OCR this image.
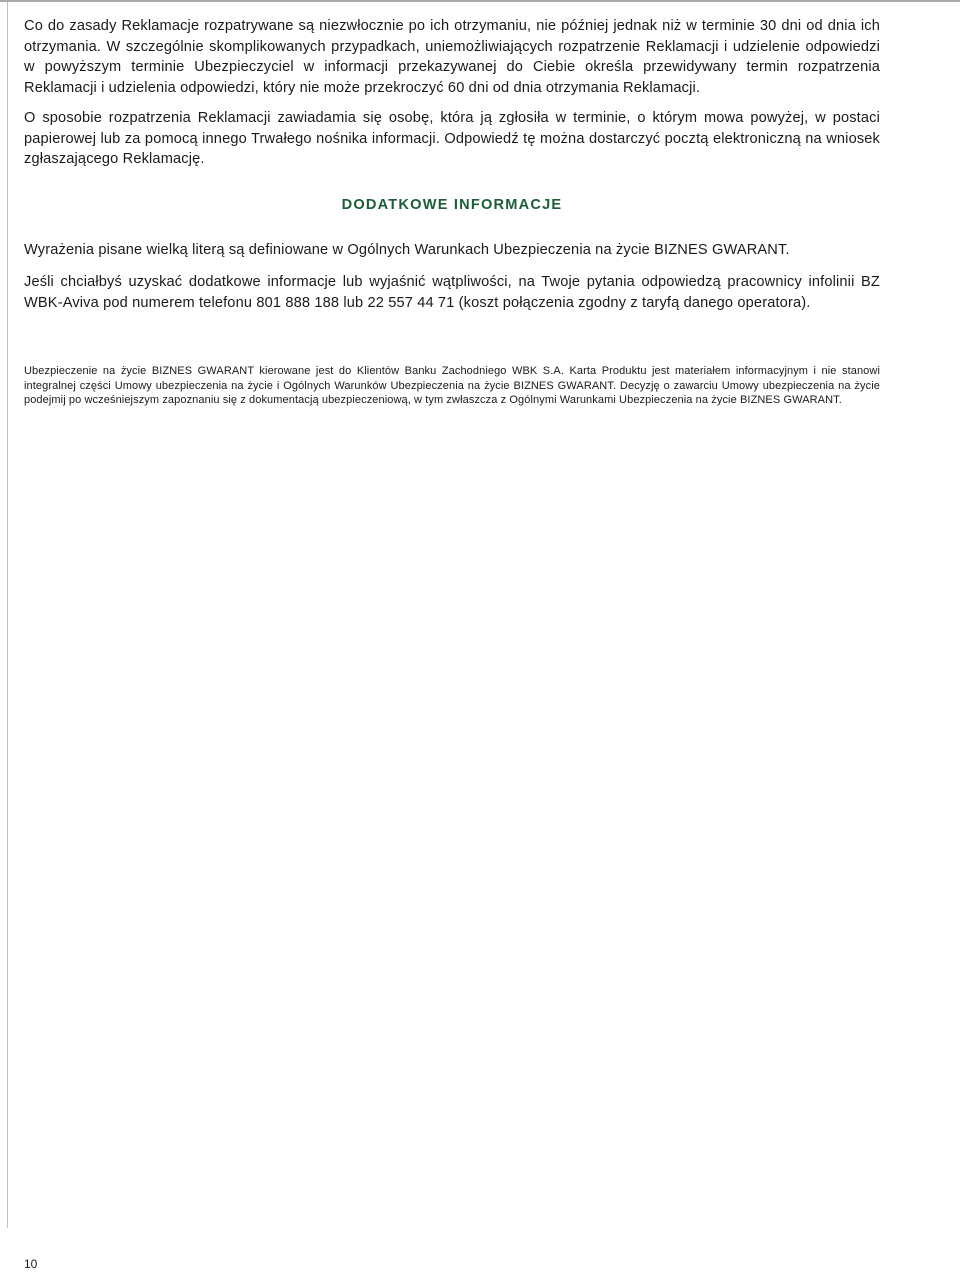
Co do zasady Reklamacje rozpatrywane są niezwłocznie po ich otrzymaniu, nie później jednak niż w terminie 30 dni od dnia ich otrzymania. W szczególnie skomplikowanych przypadkach, uniemożliwiających rozpatrzenie Reklamacji i udzielenie odpowiedzi w powyższym terminie Ubezpieczyciel w informacji przekazywanej do Ciebie określa przewidywany termin rozpatrzenia Reklamacji i udzielenia odpowiedzi, który nie może przekroczyć 60 dni od dnia otrzymania Reklamacji.

O sposobie rozpatrzenia Reklamacji zawiadamia się osobę, która ją zgłosiła w terminie, o którym mowa powyżej, w postaci papierowej lub za pomocą innego Trwałego nośnika informacji. Odpowiedź tę można dostarczyć pocztą elektroniczną na wniosek zgłaszającego Reklamację.

DODATKOWE INFORMACJE

Wyrażenia pisane wielką literą są definiowane w Ogólnych Warunkach Ubezpieczenia na życie BIZNES GWARANT.

Jeśli chciałbyś uzyskać dodatkowe informacje lub wyjaśnić wątpliwości, na Twoje pytania odpowiedzą pracownicy infolinii BZ WBK-Aviva pod numerem telefonu 801 888 188 lub 22 557 44 71 (koszt połączenia zgodny z taryfą danego operatora).

Ubezpieczenie na życie BIZNES GWARANT kierowane jest do Klientów Banku Zachodniego WBK S.A. Karta Produktu jest materiałem informacyjnym i nie stanowi integralnej części Umowy ubezpieczenia na życie i Ogólnych Warunków Ubezpieczenia na życie BIZNES GWARANT. Decyzję o zawarciu Umowy ubezpieczenia na życie podejmij po wcześniejszym zapoznaniu się z dokumentacją ubezpieczeniową, w tym zwłaszcza z Ogólnymi Warunkami Ubezpieczenia na życie BIZNES GWARANT.

10
